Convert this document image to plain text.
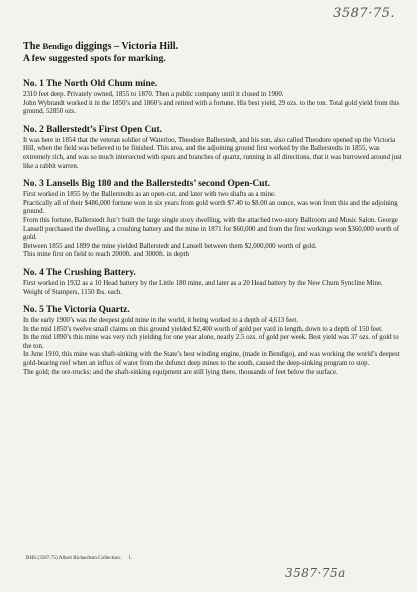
3587·75.
The Bendigo diggings – Victoria Hill.
A few suggested spots for marking.
No. 1 The North Old Chum mine.

2310 feet deep. Privately owned, 1855 to 1870. Then a public company until it closed in 1900.

John Wybrandt worked it in the 1850’s and 1860’s and retired with a fortune. His best yield, 29 ozs. to the ton. Total gold yield from this ground, 52850 ozs.

No. 2 Ballerstedt’s First Open Cut.

It was here in 1854 that the veteran soldier of Waterloo, Theodore Ballerstedt, and his son, also called Theodore opened up the Victoria Hill, when the field was believed to be finished. This area, and the adjoining ground first worked by the Ballerstedts in 1855, was extremely rich, and was so much intersected with spurs and branches of quartz, running in all directions, that it was burrowed around just like a rabbit warren.

No. 3 Lansells Big 180 and the Ballerstedts’ second Open-Cut.

First worked in 1855 by the Ballerstedts as an open-cut, and later with two shafts as a mine.

Practically all of their $486,000 fortune won in six years from gold worth $7.40 to $8.00 an ounce, was won from this and the adjoining ground.

From this fortune, Ballerstedt Jun’r built the large single story dwelling, with the attached two-story Ballroom and Music Salon. George Lansell purchased the dwelling, a crushing battery and the mine in 1871 for $60,000 and from the first workings won $360,000 worth of gold.

Between 1855 and 1899 the mine yielded Ballerstedt and Lansell between them $2,000,000 worth of gold.

This mine first on field to reach 2000ft. and 3000ft. in depth

No. 4 The Crushing Battery.

First worked in 1932 as a 10 Head battery by the Little 180 mine, and later as a 20 Head battery by the New Chum Syncline Mine.

Weight of Stampers, 1150 lbs. each.

No. 5 The Victoria Quartz.

In the early 1900’s was the deepest gold mine in the world, it being worked to a depth of 4,613 feet.

In the mid 1850’s twelve small claims on this ground yielded $2,400 worth of gold per yard in length, down to a depth of 150 feet.

In the mid 1890’s this mine was very rich yielding for one year alone, nearly 2.5 ozs. of gold per week. Best yield was 37 ozs. of gold to the ton.

In June 1910, this mine was shaft-sinking with the State’s best winding engine, (made in Bendigo), and was working the world’s deepest gold-bearing reef when an influx of water from the defunct deep mines to the south, caused the deep-sinking program to stop.

The gold; the ore-trucks; and the shaft-sinking equipment are still lying there, thousands of feet below the surface.

BHS (3587.75) Albert Richardson Collection. 1.
3587·75a
